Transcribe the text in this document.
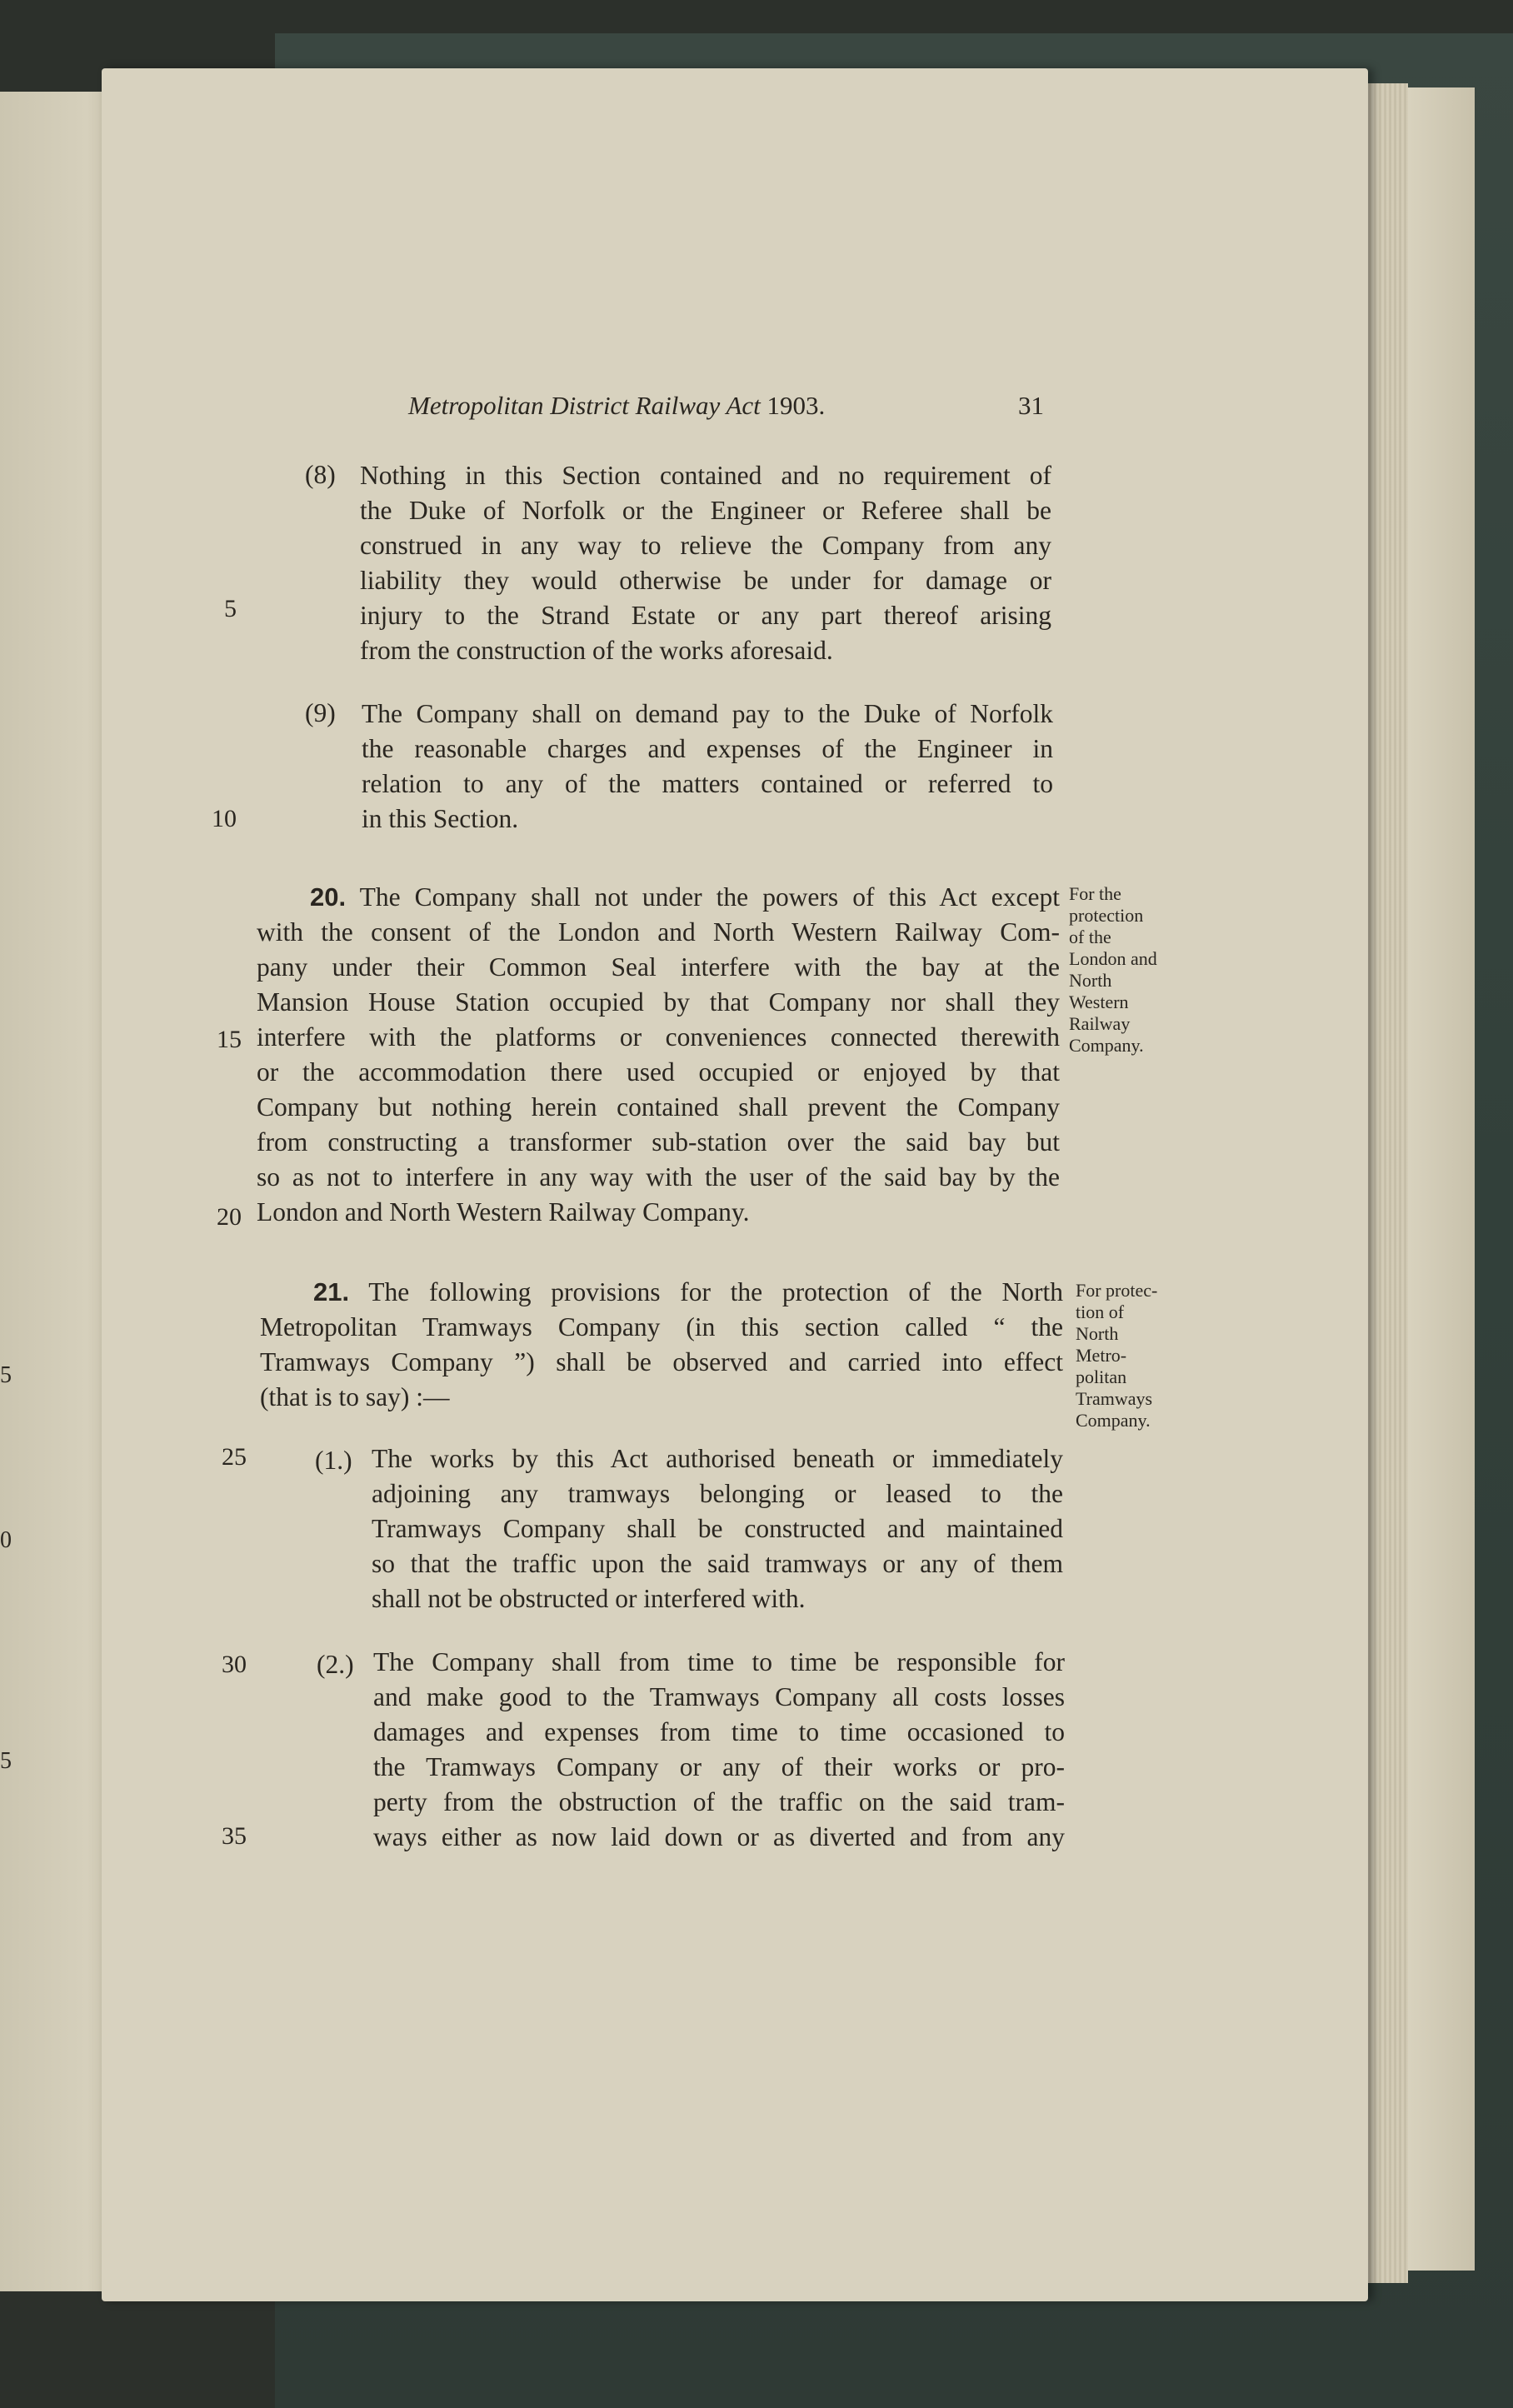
5
0
5
Metropolitan District Railway Act 1903.	31
5
10
15
20
25
30
35
(8) Nothing in this Section contained and no requirement of
the Duke of Norfolk or the Engineer or Referee shall be
construed in any way to relieve the Company from any
liability they would otherwise be under for damage or
injury to the Strand Estate or any part thereof arising
from the construction of the works aforesaid.
(9) The Company shall on demand pay to the Duke of Norfolk
the reasonable charges and expenses of the Engineer in
relation to any of the matters contained or referred to
in this Section.
20. The Company shall not under the powers of this Act except
with the consent of the London and North Western Railway Com-
pany under their Common Seal interfere with the bay at the
Mansion House Station occupied by that Company nor shall they
interfere with the platforms or conveniences connected therewith
or the accommodation there used occupied or enjoyed by that
Company but nothing herein contained shall prevent the Company
from constructing a transformer sub-station over the said bay but
so as not to interfere in any way with the user of the said bay by the
London and North Western Railway Company.
For the
protection
of the
London and
North
Western
Railway
Company.
21. The following provisions for the protection of the North
Metropolitan Tramways Company (in this section called “ the
Tramways Company ”) shall be observed and carried into effect
(that is to say) :—
For protec-
tion of
North
Metro-
politan
Tramways
Company.
(1.) The works by this Act authorised beneath or immediately
adjoining any tramways belonging or leased to the
Tramways Company shall be constructed and maintained
so that the traffic upon the said tramways or any of them
shall not be obstructed or interfered with.
(2.) The Company shall from time to time be responsible for
and make good to the Tramways Company all costs losses
damages and expenses from time to time occasioned to
the Tramways Company or any of their works or pro-
perty from the obstruction of the traffic on the said tram-
ways either as now laid down or as diverted and from any
